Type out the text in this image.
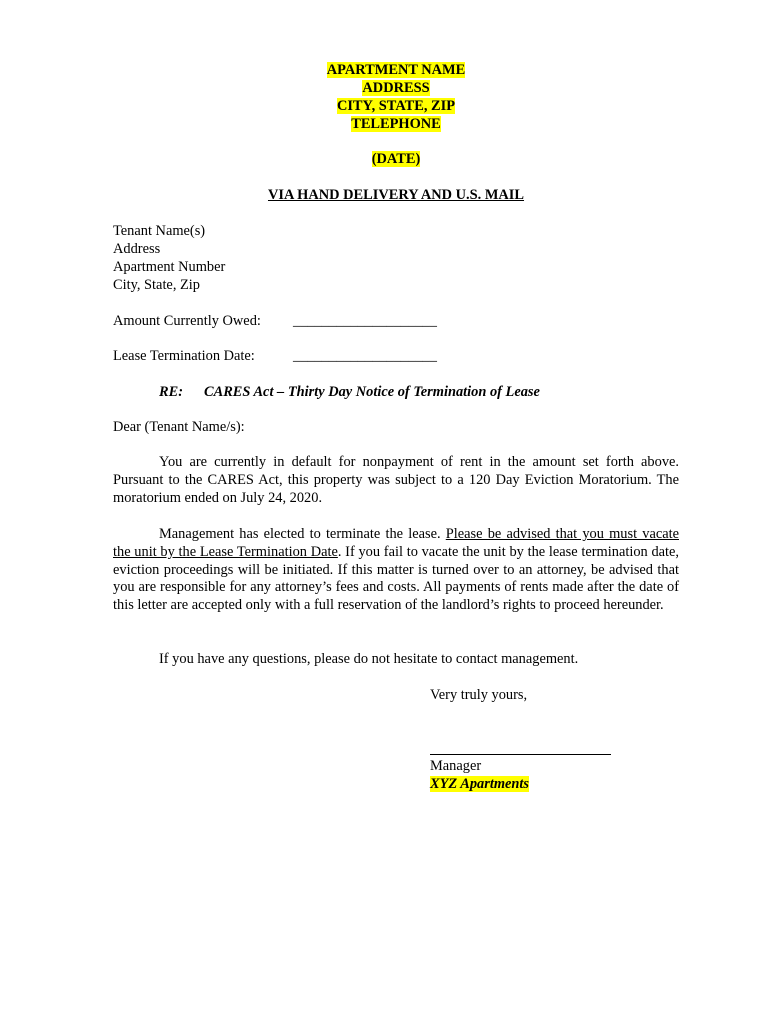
APARTMENT NAME
ADDRESS
CITY, STATE, ZIP
TELEPHONE
(DATE)
VIA HAND DELIVERY AND U.S. MAIL
Tenant Name(s)
Address
Apartment Number
City, State, Zip
Amount Currently Owed: ____________________
Lease Termination Date:	____________________
RE: CARES Act – Thirty Day Notice of Termination of Lease
Dear (Tenant Name/s):
You are currently in default for nonpayment of rent in the amount set forth above. Pursuant to the CARES Act, this property was subject to a 120 Day Eviction Moratorium. The moratorium ended on July 24, 2020.
Management has elected to terminate the lease. Please be advised that you must vacate the unit by the Lease Termination Date. If you fail to vacate the unit by the lease termination date, eviction proceedings will be initiated. If this matter is turned over to an attorney, be advised that you are responsible for any attorney’s fees and costs. All payments of rents made after the date of this letter are accepted only with a full reservation of the landlord’s rights to proceed hereunder.
If you have any questions, please do not hesitate to contact management.
Very truly yours,
Manager
XYZ Apartments
